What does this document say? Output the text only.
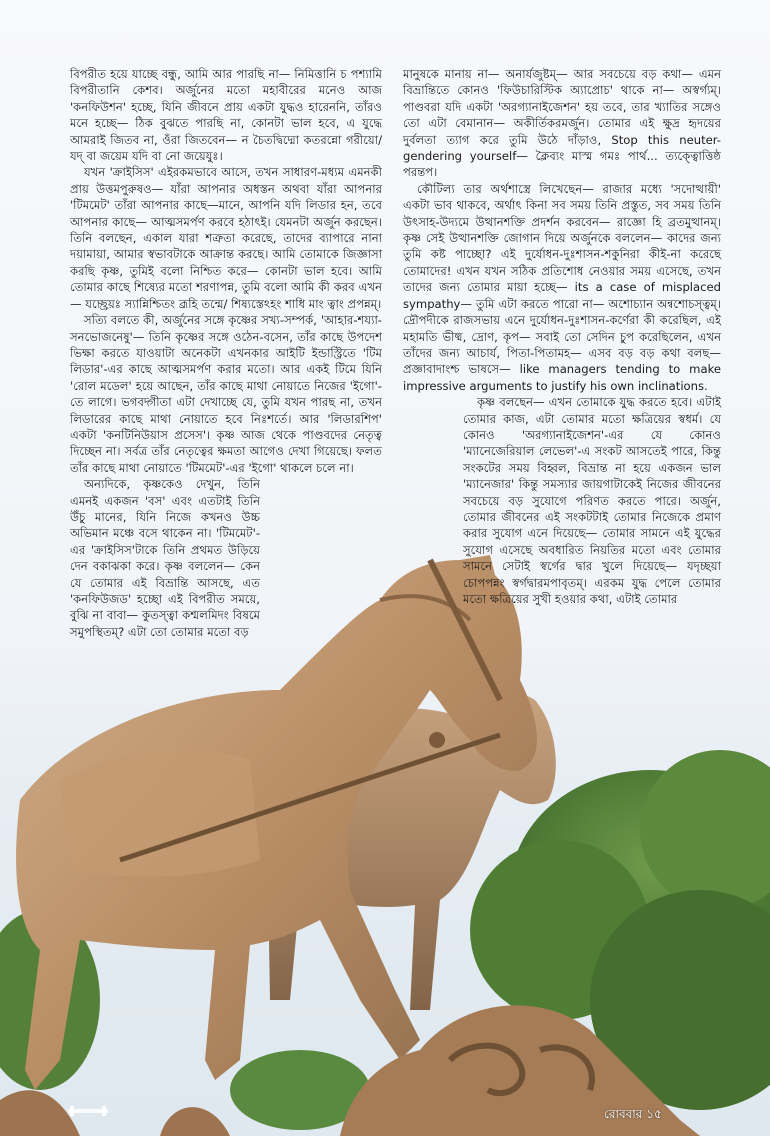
বিপরীত হয়ে যাচ্ছে বন্ধু, আমি আর পারছি না— নিমিত্তানি চ পশ্যামি বিপরীতানি কেশব। অর্জুনের মতো মহাবীরের মনেও আজ 'কনফিউশন' হচ্ছে, যিনি জীবনে প্রায় একটা যুদ্ধও হারেননি, তাঁরও মনে হচ্ছে— ঠিক বুঝতে পারছি না, কোনটা ভাল হবে, এ যুদ্ধে আমরাই জিতব না, ওঁরা জিতবেন— ন চৈতদ্বিদ্মো কতরন্নো গরীয়ো/ যদ্ বা জয়েম যদি বা নো জয়েযুঃ।

যখন 'ক্রাইসিস' এইরকমভাবে আসে, তখন সাধারণ-মধ্যম এমনকী প্রায় উত্তমপুরুষও— যাঁরা আপনার অধস্তন অথবা যাঁরা আপনার 'টিমমেট' তাঁরা আপনার কাছে—মানে, আপনি যদি লিডার হন, তবে আপনার কাছে— আত্মসমর্পণ করবে হঠাৎই। যেমনটা অর্জুন করছেন। তিনি বলছেন, একাল যারা শত্রুতা করেছে, তাদের ব্যাপারে নানা দয়ামায়া, আমার স্বভাবটাকে আক্রান্ত করছে। আমি তোমাকে জিজ্ঞাসা করছি কৃষ্ণ, তুমিই বলো নিশ্চিত করে— কোনটা ভাল হবে। আমি তোমার কাছে শিষ্যের মতো শরণাপন্ন, তুমি বলো আমি কী করব এখন— যচ্ছ্রেয়ঃ স্যান্নিশ্চিতং ব্রূহি তন্মে/ শিষ্যস্তেঽহং শাধি মাং ত্বাং প্রপন্নম্।

সত্যি বলতে কী, অর্জুনের সঙ্গে কৃষ্ণের সখ্য-সম্পর্ক, 'আহার-শয্যা-সনভোজনেষু'— তিনি কৃষ্ণের সঙ্গে ওঠেন-বসেন, তাঁর কাছে উপদেশ ভিক্ষা করতে যাওয়াটা অনেকটা এখনকার আইটি ইন্ডাস্ট্রিতে 'টিম লিডার'-এর কাছে আত্মসমর্পণ করার মতো। আর একই টিমে যিনি 'রোল মডেল' হয়ে আছেন, তাঁর কাছে মাথা নোয়াতে নিজের 'ইগো'-তে লাগে। ভগবদ্গীতা এটা দেখাচ্ছে যে, তুমি যখন পারছ না, তখন লিডারের কাছে মাথা নোয়াতে হবে নিঃশর্তে। আর 'লিডারশিপ' একটা 'কনটিনিউয়াস প্রসেস'। কৃষ্ণ আজ থেকে পাণ্ডবদের নেতৃত্ব দিচ্ছেন না। সর্বত্র তাঁর নেতৃত্বের ক্ষমতা আগেও দেখা গিয়েছে। ফলত তাঁর কাছে মাথা নোয়াতে 'টিমমেট'-এর 'ইগো' থাকলে চলে না।

অন্যদিকে, কৃষ্ণকেও দেখুন, তিনি এমনই একজন 'বস' এবং এতটাই তিনি উঁচু মানের, যিনি নিজে কখনও উচ্চ অভিমান মঞ্চে বসে থাকেন না। 'টিমমেট'-এর 'ক্রাইসিস'টাকে তিনি প্রথমত উড়িয়ে দেন বকাঝকা করে। কৃষ্ণ বললেন— কেন যে তোমার এই বিভ্রান্তি আসছে, এত 'কনফিউজড' হচ্ছো এই বিপরীত সময়ে, বুঝি না বাবা— কুতস্ত্বা কশ্মলমিদং বিষমে সমুপস্থিতম্? এটা তো তোমার মতো বড়

মানুষকে মানায় না— অনার্যজুষ্টম্— আর সবচেয়ে বড় কথা— এমন বিভ্রান্তিতে কোনও 'ফিউচারিস্টিক অ্যাপ্রোচ' থাকে না— অস্বর্গ্যম্। পাণ্ডবরা যদি একটা 'অরগ্যানাইজেশন' হয় তবে, তার খ্যাতির সঙ্গেও তো এটা বেমানান— অকীর্তিকরমর্জুন। তোমার এই ক্ষুদ্র হৃদয়ের দুর্বলতা ত্যাগ করে তুমি উঠে দাঁড়াও, Stop this neuter-gendering yourself— ক্লৈব্যং মাস্ম গমঃ পার্থ... ত্যক্ত্বোত্তিষ্ঠ পরন্তপ।

কৌটিল্য তার অর্থশাস্ত্রে লিখেছেন— রাজার মধ্যে 'সদোত্থায়ী' একটা ভাব থাকবে, অর্থাৎ কিনা সব সময় তিনি প্রস্তুত, সব সময় তিনি উৎসাহ-উদ্যমে উত্থানশক্তি প্রদর্শন করবেন— রাজ্ঞো হি ব্রতমুত্থানম্। কৃষ্ণ সেই উত্থানশক্তি জোগান দিয়ে অর্জুনকে বললেন— কাদের জন্য তুমি কষ্ট পাচ্ছো? এই দুর্যোধন-দুঃশাসন-শকুনিরা কীই-না করেছে তোমাদের! এখন যখন সঠিক প্রতিশোধ নেওয়ার সময় এসেছে, তখন তাদের জন্য তোমার মায়া হচ্ছে— its a case of misplaced sympathy— তুমি এটা করতে পারো না— অশোচ্যান অন্বশোচস্ত্বম্। দ্রৌপদীকে রাজসভায় এনে দুর্যোধন-দুঃশাসন-কর্ণেরা কী করেছিল, এই মহামতি ভীষ্ম, দ্রোণ, কৃপ— সবাই তো সেদিন চুপ করেছিলেন, এখন তাঁদের জন্য আচার্য, পিতা-পিতামহ— এসব বড় বড় কথা বলছ— প্রজ্ঞাবাদাংশ্চ ভাষসে— like managers tending to make impressive arguments to justify his own inclinations.

কৃষ্ণ বলছেন— এখন তোমাকে যুদ্ধ করতে হবে। এটাই তোমার কাজ, এটা তোমার মতো ক্ষত্রিয়ের স্বধর্ম। যে কোনও 'অরগ্যানাইজেশন'-এর যে কোনও 'ম্যানেজেরিয়াল লেভেল'-এ সংকট আসতেই পারে, কিন্তু সংকটের সময় বিহ্বল, বিভ্রান্ত না হয়ে একজন ভাল 'ম্যানেজার' কিন্তু সমস্যার জায়গাটাকেই নিজের জীবনের সবচেয়ে বড় সুযোগে পরিণত করতে পারে। অর্জুন, তোমার জীবনের এই সংকটটাই তোমার নিজেকে প্রমাণ করার সুযোগ এনে দিয়েছে— তোমার সামনে এই যুদ্ধের সুযোগ এসেছে অবধারিত নিয়তির মতো এবং তোমার সামনে সেটাই স্বর্গের দ্বার খুলে দিয়েছে— যদৃচ্ছয়া চোপপন্নং স্বর্গদ্বারমপাবৃতম্। এরকম যুদ্ধ পেলে তোমার মতো ক্ষত্রিয়ের সুখী হওয়ার কথা, এটাই তোমার

রোববার ১৫
